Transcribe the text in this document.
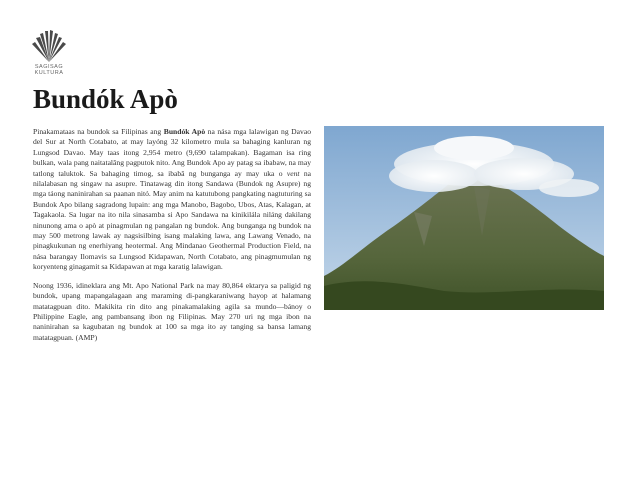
SAGISAG
KULTURA
Bundók Apò

Pinakamataas na bundok sa Filipinas ang Bundók Apò na nása mga lalawigan ng Davao del Sur at North Cotabato, at may layóng 32 kilometro mula sa bahaging kanluran ng Lungsod Davao. May taas itong 2,954 metro (9,690 talampakan). Bagaman isa ring bulkan, wala pang naitatalâng pagputok nito. Ang Bundok Apo ay patag sa ibabaw, na may tatlong taluktok. Sa bahaging timog, sa ibabâ ng bunganga ay may uka o vent na nilalabasan ng singaw na asupre. Tinatawag din itong Sandawa (Bundok ng Asupre) ng mga táong naninirahan sa paanan nitó. May anim na katutubong pangkating nagtuturing sa Bundok Apo bilang sagradong lupain: ang mga Manobo, Bagobo, Ubos, Atas, Kalagan, at Tagakaola. Sa lugar na ito nila sinasamba si Apo Sandawa na kinikilála niláng dakilang ninunong ama o apò at pinagmulan ng pangalan ng bundok. Ang bunganga ng bundok na may 500 metrong lawak ay nagsisilbing isang malaking lawa, ang Lawang Venado, na pinagkukunan ng enerhiyang heotermal. Ang Mindanao Geothermal Production Field, na nása barangay Ilomavis sa Lungsod Kidapawan, North Cotabato, ang pinagmumulan ng koryenteng ginagamit sa Kidapawan at mga karatig lalawigan.

Noong 1936, idineklara ang Mt. Apo National Park na may 80,864 ektarya sa paligid ng bundok, upang mapangalagaan ang maraming di-pangkaraniwang hayop at halamang matatagpuan dito. Makikita rin dito ang pinakamalaking agila sa mundo—bánoy o Philippine Eagle, ang pambansang ibon ng Filipinas. May 270 uri ng mga ibon na naninirahan sa kagubatan ng bundok at 100 sa mga ito ay tanging sa bansa lamang matatagpuan. (AMP)
